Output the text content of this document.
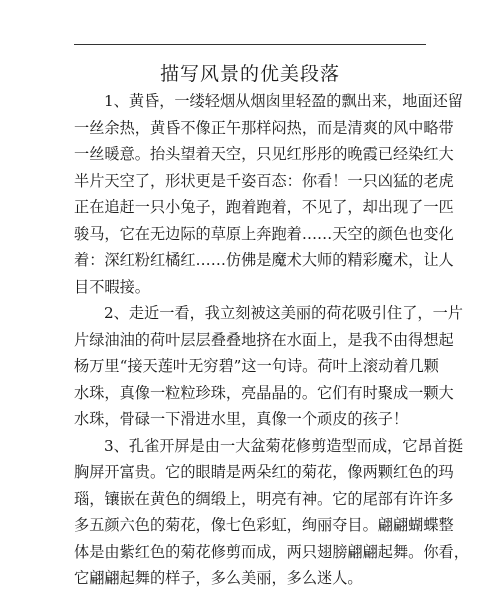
描写风景的优美段落
1、黄昏，一缕轻烟从烟囱里轻盈的飘出来，地面还留
一丝余热，黄昏不像正午那样闷热，而是清爽的风中略带
一丝暖意。抬头望着天空，只见红彤彤的晚霞已经染红大
半片天空了，形状更是千姿百态：你看！一只凶猛的老虎
正在追赶一只小兔子，跑着跑着，不见了，却出现了一匹
骏马，它在无边际的草原上奔跑着……天空的颜色也变化
着：深红粉红橘红……仿佛是魔术大师的精彩魔术，让人
目不暇接。
2、走近一看，我立刻被这美丽的荷花吸引住了，一片
片绿油油的荷叶层层叠叠地挤在水面上，是我不由得想起
杨万里“接天莲叶无穷碧”这一句诗。荷叶上滚动着几颗
水珠，真像一粒粒珍珠，亮晶晶的。它们有时聚成一颗大
水珠，骨碌一下滑进水里，真像一个顽皮的孩子！
3、孔雀开屏是由一大盆菊花修剪造型而成，它昂首挺
胸屏开富贵。它的眼睛是两朵红的菊花，像两颗红色的玛
瑙，镶嵌在黄色的绸缎上，明亮有神。它的尾部有许许多
多五颜六色的菊花，像七色彩虹，绚丽夺目。翩翩蝴蝶整
体是由紫红色的菊花修剪而成，两只翅膀翩翩起舞。你看，
它翩翩起舞的样子，多么美丽，多么迷人。
